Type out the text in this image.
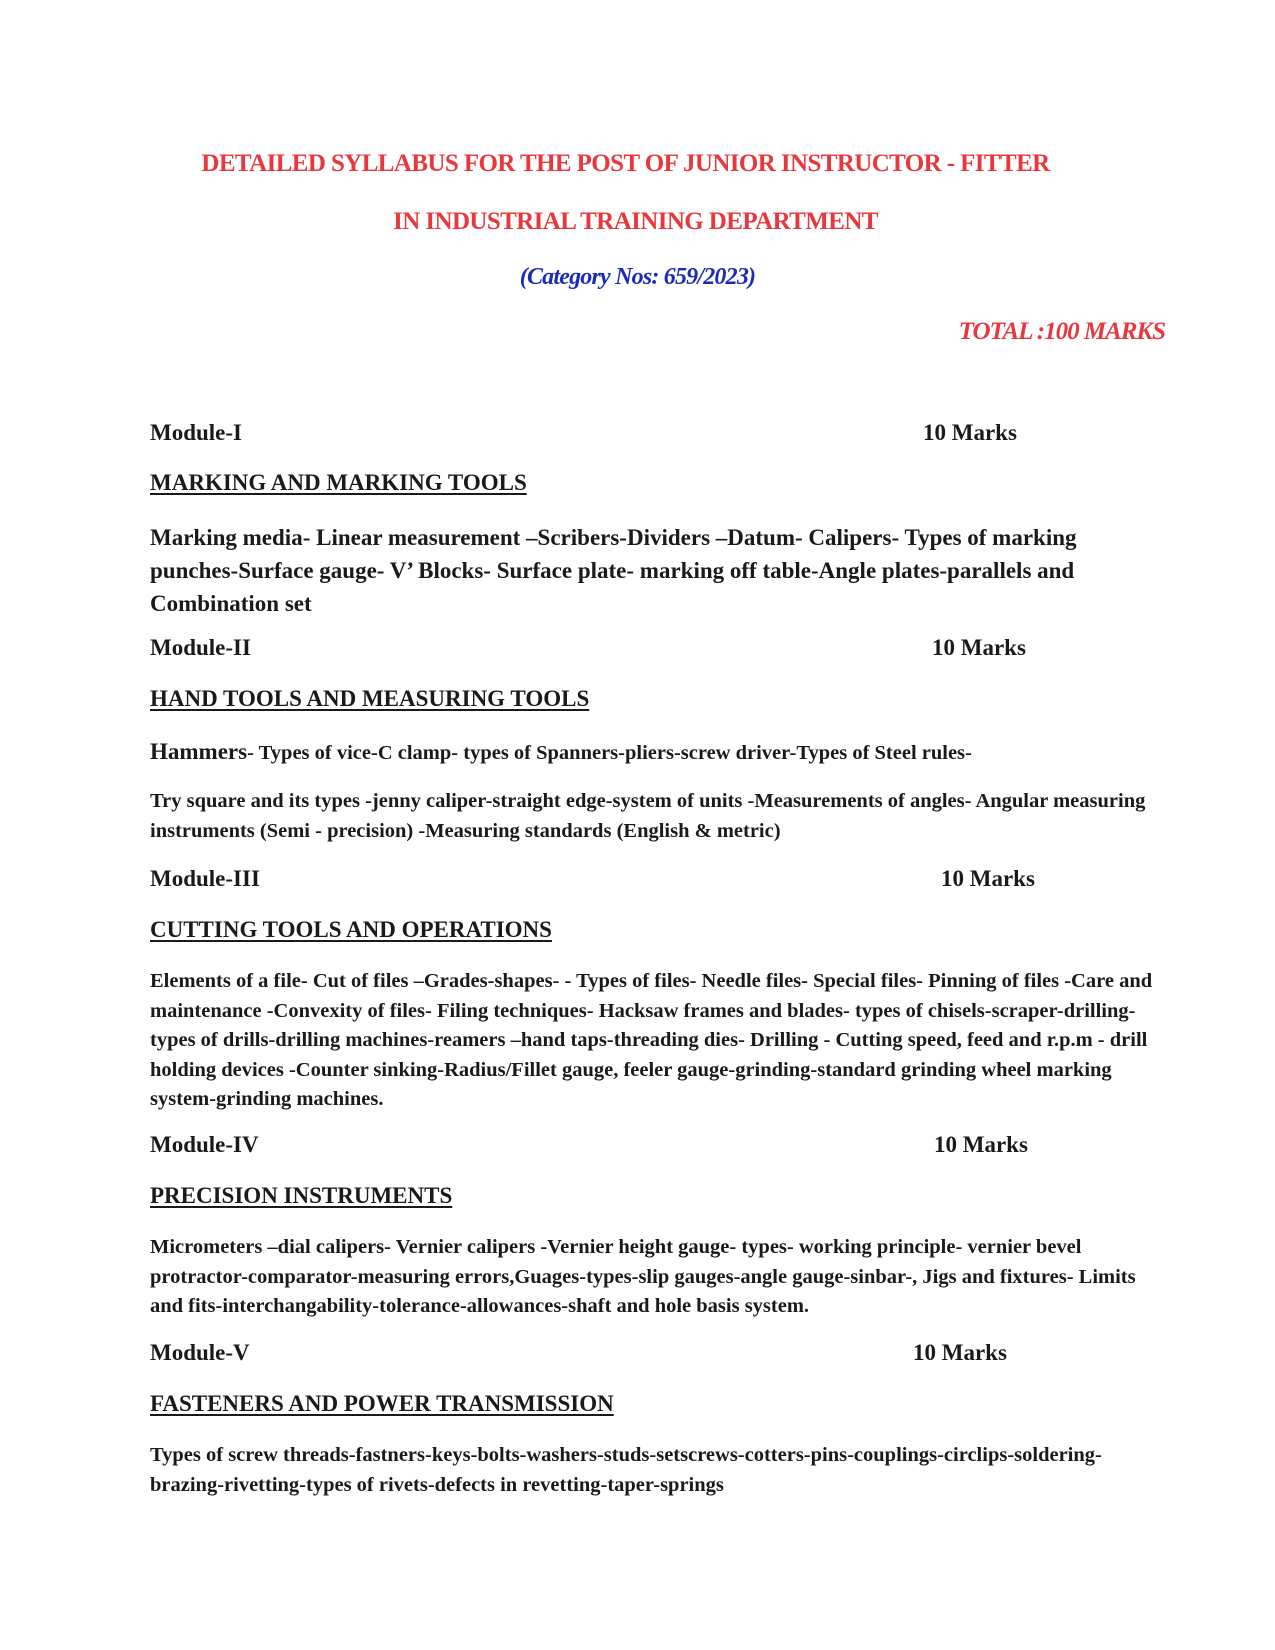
DETAILED SYLLABUS FOR THE POST OF JUNIOR INSTRUCTOR - FITTER
IN INDUSTRIAL TRAINING DEPARTMENT
(Category Nos: 659/2023)
TOTAL :100 MARKS
Module-I	10 Marks
MARKING AND MARKING TOOLS
Marking media- Linear measurement –Scribers-Dividers –Datum- Calipers- Types of marking punches-Surface gauge- V’ Blocks- Surface plate- marking off table-Angle plates-parallels and Combination set
Module-II	10 Marks
HAND TOOLS AND MEASURING TOOLS
Hammers- Types of vice-C clamp- types of Spanners-pliers-screw driver-Types of Steel rules-
Try square and its types -jenny caliper-straight edge-system of units -Measurements of angles- Angular measuring instruments (Semi - precision) -Measuring standards (English & metric)
Module-III	10 Marks
CUTTING TOOLS AND OPERATIONS
Elements of a file- Cut of files –Grades-shapes- - Types of files- Needle files- Special files- Pinning of files -Care and maintenance -Convexity of files- Filing techniques- Hacksaw frames and blades- types of chisels-scraper-drilling-types of drills-drilling machines-reamers –hand taps-threading dies- Drilling - Cutting speed, feed and r.p.m - drill holding devices -Counter sinking-Radius/Fillet gauge, feeler gauge-grinding-standard grinding wheel marking system-grinding machines.
Module-IV	10 Marks
PRECISION INSTRUMENTS
Micrometers –dial calipers- Vernier calipers -Vernier height gauge- types- working principle- vernier bevel protractor-comparator-measuring errors,Guages-types-slip gauges-angle gauge-sinbar-, Jigs and fixtures- Limits and fits-interchangability-tolerance-allowances-shaft and hole basis system.
Module-V	10 Marks
FASTENERS AND POWER TRANSMISSION
Types of screw threads-fastners-keys-bolts-washers-studs-setscrews-cotters-pins-couplings-circlips-soldering-brazing-rivetting-types of rivets-defects in revetting-taper-springs
